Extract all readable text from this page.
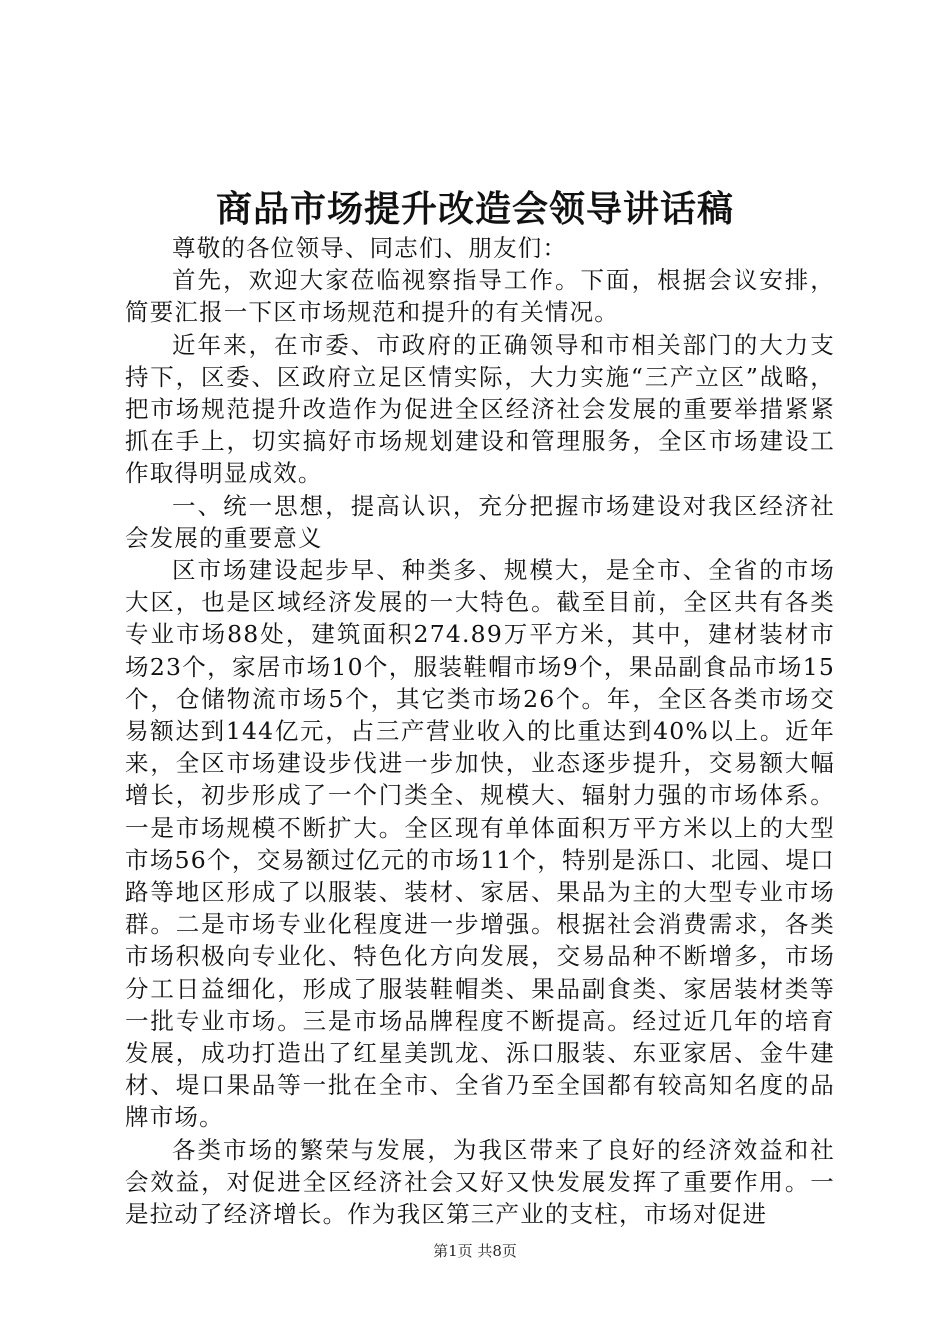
商品市场提升改造会领导讲话稿

尊敬的各位领导、同志们、朋友们：

首先，欢迎大家莅临视察指导工作。下面，根据会议安排，简要汇报一下区市场规范和提升的有关情况。

近年来，在市委、市政府的正确领导和市相关部门的大力支持下，区委、区政府立足区情实际，大力实施“三产立区”战略，把市场规范提升改造作为促进全区经济社会发展的重要举措紧紧抓在手上，切实搞好市场规划建设和管理服务，全区市场建设工作取得明显成效。

一、统一思想，提高认识，充分把握市场建设对我区经济社会发展的重要意义

区市场建设起步早、种类多、规模大，是全市、全省的市场大区，也是区域经济发展的一大特色。截至目前，全区共有各类专业市场88处，建筑面积274.89万平方米，其中，建材装材市场23个，家居市场10个，服装鞋帽市场9个，果品副食品市场15个，仓储物流市场5个，其它类市场26个。年，全区各类市场交易额达到144亿元，占三产营业收入的比重达到40%以上。近年来，全区市场建设步伐进一步加快，业态逐步提升，交易额大幅增长，初步形成了一个门类全、规模大、辐射力强的市场体系。一是市场规模不断扩大。全区现有单体面积万平方米以上的大型市场56个，交易额过亿元的市场11个，特别是泺口、北园、堤口路等地区形成了以服装、装材、家居、果品为主的大型专业市场群。二是市场专业化程度进一步增强。根据社会消费需求，各类市场积极向专业化、特色化方向发展，交易品种不断增多，市场分工日益细化，形成了服装鞋帽类、果品副食类、家居装材类等一批专业市场。三是市场品牌程度不断提高。经过近几年的培育发展，成功打造出了红星美凯龙、泺口服装、东亚家居、金牛建材、堤口果品等一批在全市、全省乃至全国都有较高知名度的品牌市场。

各类市场的繁荣与发展，为我区带来了良好的经济效益和社会效益，对促进全区经济社会又好又快发展发挥了重要作用。一是拉动了经济增长。作为我区第三产业的支柱，市场对促进

第1页 共8页
